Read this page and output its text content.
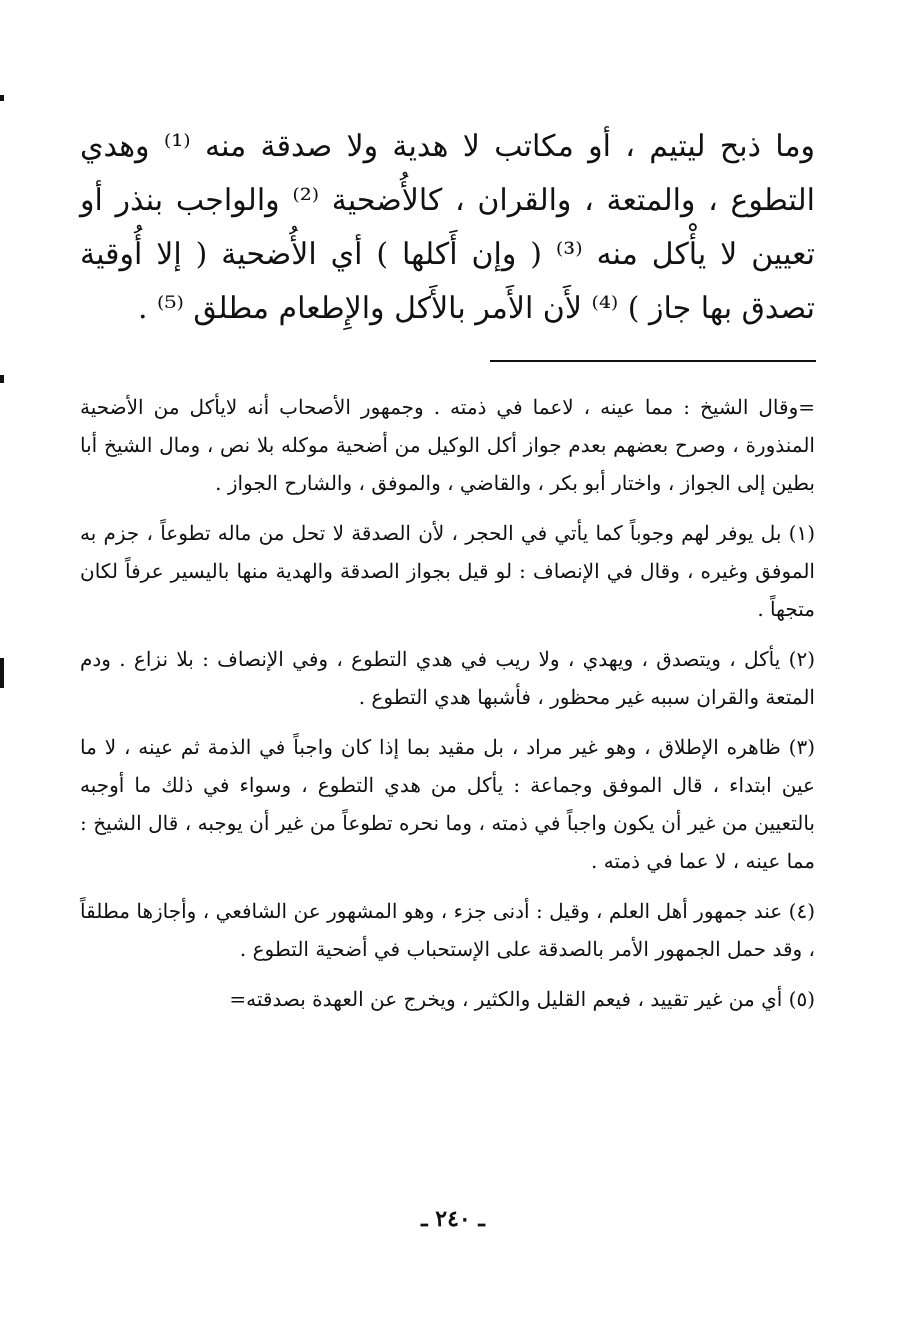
وما ذبح ليتيم ، أو مكاتب لا هدية ولا صدقة منه ⁽¹⁾ وهدي التطوع ، والمتعة ، والقران ، كالأُضحية ⁽²⁾ والواجب بنذر أو تعيين لا يأْكل منه ⁽³⁾ ( وإن أَكلها ) أي الأُضحية ( إلا أُوقية تصدق بها جاز ) ⁽⁴⁾ لأَن الأَمر بالأَكل والإِطعام مطلق ⁽⁵⁾ .

=وقال الشيخ : مما عينه ، لاعما في ذمته . وجمهور الأصحاب أنه لايأكل من الأضحية المنذورة ، وصرح بعضهم بعدم جواز أكل الوكيل من أضحية موكله بلا نص ، ومال الشيخ أبا بطين إلى الجواز ، واختار أبو بكر ، والقاضي ، والموفق ، والشارح الجواز .

(١) بل يوفر لهم وجوباً كما يأتي في الحجر ، لأن الصدقة لا تحل من ماله تطوعاً ، جزم به الموفق وغيره ، وقال في الإنصاف : لو قيل بجواز الصدقة والهدية منها باليسير عرفاً لكان متجهاً .

(٢) يأكل ، ويتصدق ، ويهدي ، ولا ريب في هدي التطوع ، وفي الإنصاف : بلا نزاع . ودم المتعة والقران سببه غير محظور ، فأشبها هدي التطوع .

(٣) ظاهره الإطلاق ، وهو غير مراد ، بل مقيد بما إذا كان واجباً في الذمة ثم عينه ، لا ما عين ابتداء ، قال الموفق وجماعة : يأكل من هدي التطوع ، وسواء في ذلك ما أوجبه بالتعيين من غير أن يكون واجباً في ذمته ، وما نحره تطوعاً من غير أن يوجبه ، قال الشيخ : مما عينه ، لا عما في ذمته .

(٤) عند جمهور أهل العلم ، وقيل : أدنى جزء ، وهو المشهور عن الشافعي ، وأجازها مطلقاً ، وقد حمل الجمهور الأمر بالصدقة على الإستحباب في أضحية التطوع .

(٥) أي من غير تقييد ، فيعم القليل والكثير ، ويخرج عن العهدة بصدقته=

ـ ٢٤٠ ـ
